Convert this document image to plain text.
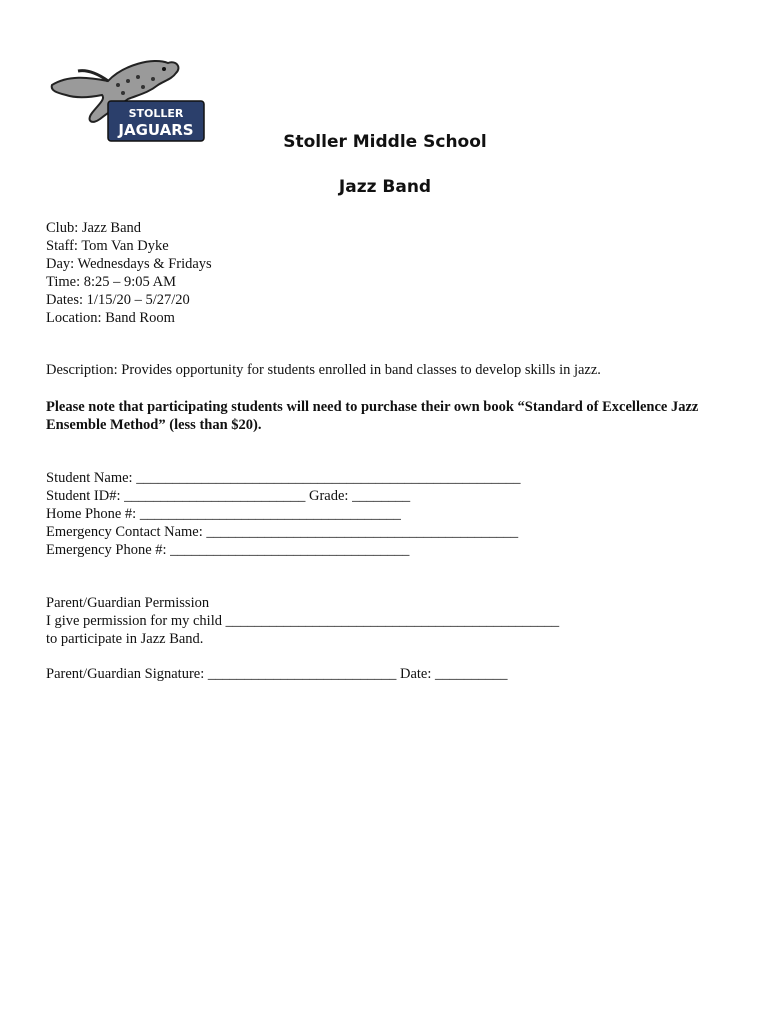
STOLLER
JAGUARS
Stoller Middle School
Jazz Band
Club: Jazz Band
Staff: Tom Van Dyke
Day: Wednesdays & Fridays
Time: 8:25 – 9:05 AM
Dates: 1/15/20 – 5/27/20
Location: Band Room
Description: Provides opportunity for students enrolled in band classes to develop skills in jazz.
Please note that participating students will need to purchase their own book “Standard of Excellence Jazz Ensemble Method” (less than $20).
Student Name: _____________________________________________________
Student ID#: _________________________ Grade: ________
Home Phone #: ____________________________________
Emergency Contact Name: ___________________________________________
Emergency Phone #: _________________________________
Parent/Guardian Permission
I give permission for my child ______________________________________________
to participate in Jazz Band.
Parent/Guardian Signature: __________________________ Date: __________
